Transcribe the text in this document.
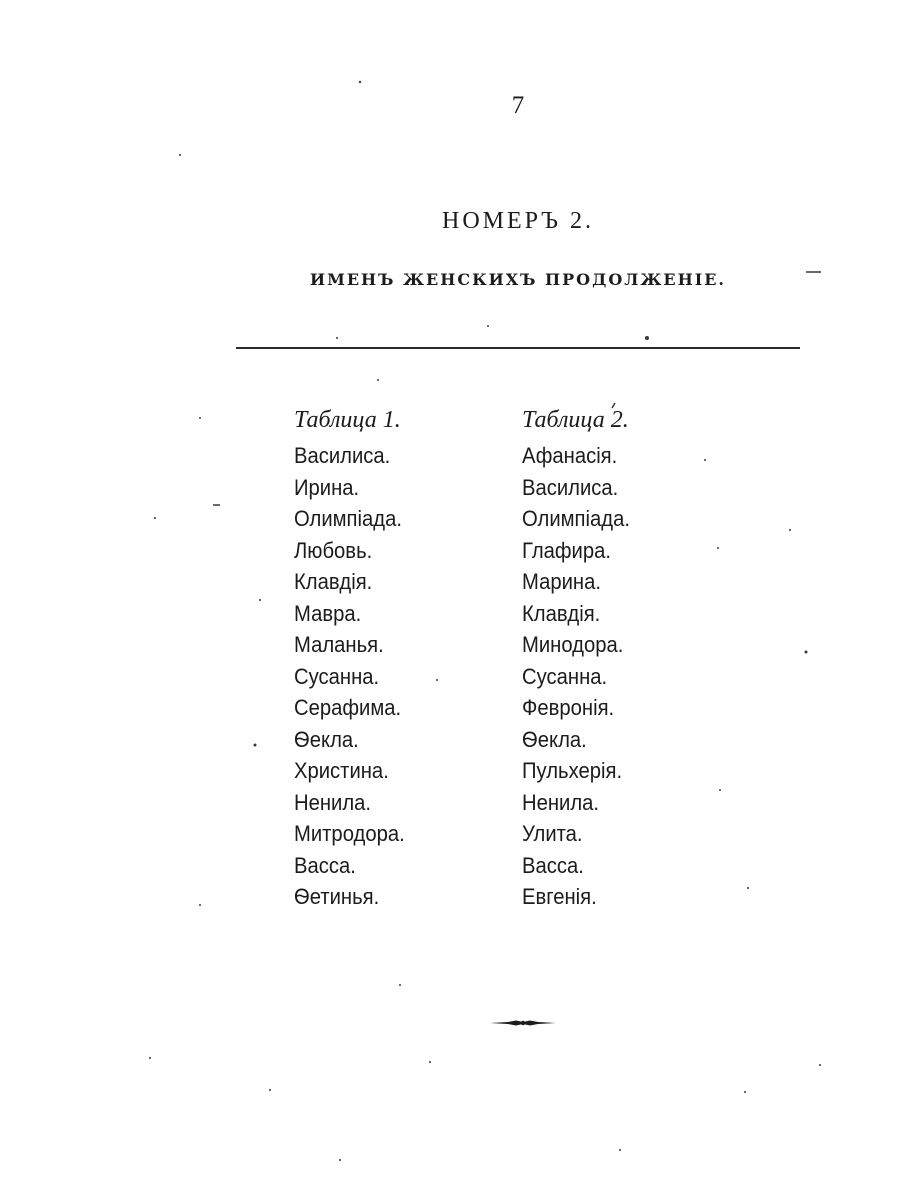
7
НОМЕРЪ 2.
ИМЕНЪ ЖЕНСКИХЪ ПРОДОЛЖЕНІЕ.
Таблица 1.
Василиса.
Ирина.
Олимпіада.
Любовь.
Клавдія.
Мавра.
Маланья.
Сусанна.
Серафима.
Ѳекла.
Христина.
Ненила.
Митродора.
Васса.
Ѳетинья.
Таблица 2.
Афанасія.
Василиса.
Олимпіада.
Глафира.
Марина.
Клавдія.
Минодора.
Сусанна.
Февронія.
Ѳекла.
Пульхерія.
Ненила.
Улита.
Васса.
Евгенія.
